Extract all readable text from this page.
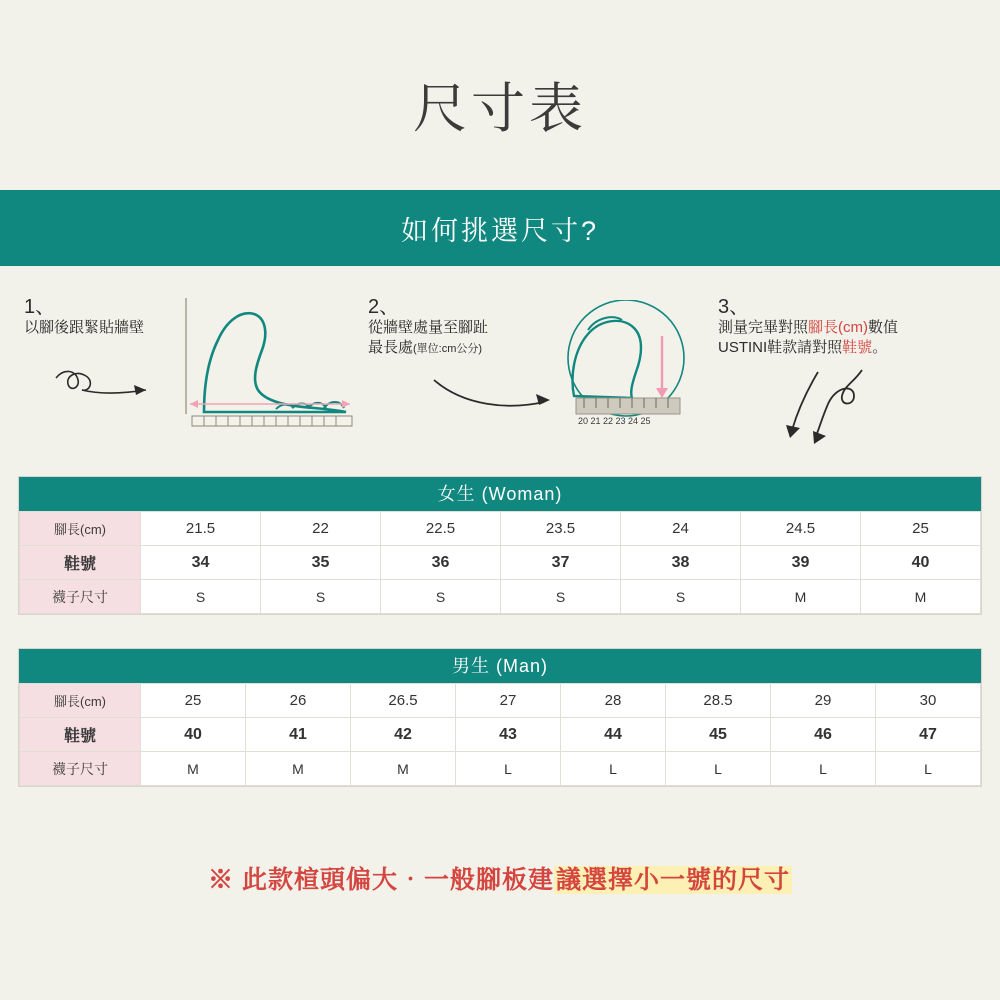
尺寸表
如何挑選尺寸?
1、
以腳後跟緊貼牆壁
2、
從牆壁處量至腳趾
最長處(單位:cm公分)
20 21 22 23 24 25
3、
測量完畢對照腳長(cm)數值
USTINI鞋款請對照鞋號。
女生 (Woman)
腳長(cm)	21.5	22	22.5	23.5	24	24.5	25
鞋號	34	35	36	37	38	39	40
襪子尺寸	S	S	S	S	S	M	M
男生 (Man)
腳長(cm)	25	26	26.5	27	28	28.5	29	30
鞋號	40	41	42	43	44	45	46	47
襪子尺寸	M	M	M	L	L	L	L	L
※ 此款楦頭偏大‧一般腳板建議選擇小一號的尺寸
